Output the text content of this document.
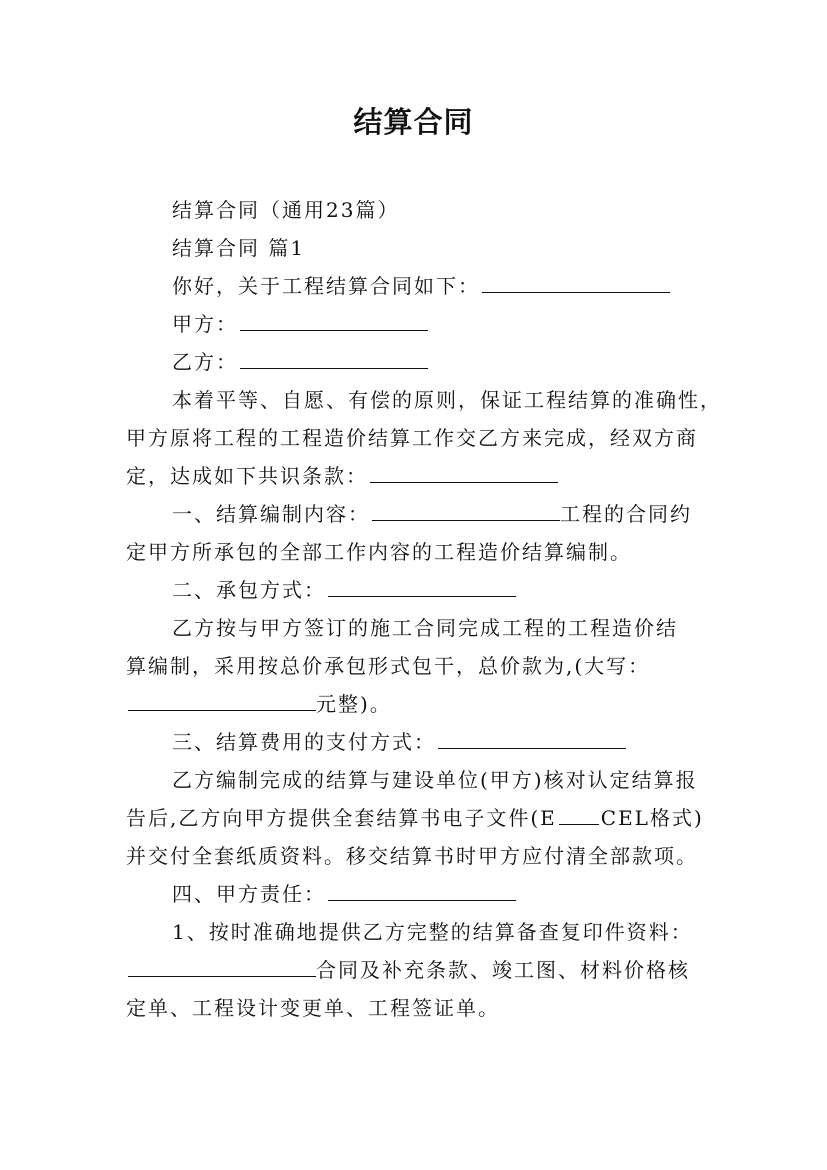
结算合同
结算合同（通用23篇）
结算合同 篇1
你好，关于工程结算合同如下：
甲方：
乙方：
本着平等、自愿、有偿的原则，保证工程结算的准确性，
甲方原将工程的工程造价结算工作交乙方来完成，经双方商
定，达成如下共识条款：
一、结算编制内容：	工程的合同约
定甲方所承包的全部工作内容的工程造价结算编制。
二、承包方式：
乙方按与甲方签订的施工合同完成工程的工程造价结
算编制，采用按总价承包形式包干，总价款为,(大写：
元整)。
三、结算费用的支付方式：
乙方编制完成的结算与建设单位(甲方)核对认定结算报
告后,乙方向甲方提供全套结算书电子文件(E CEL格式)
并交付全套纸质资料。移交结算书时甲方应付清全部款项。
四、甲方责任：
1、按时准确地提供乙方完整的结算备查复印件资料：
合同及补充条款、竣工图、材料价格核
定单、工程设计变更单、工程签证单。
